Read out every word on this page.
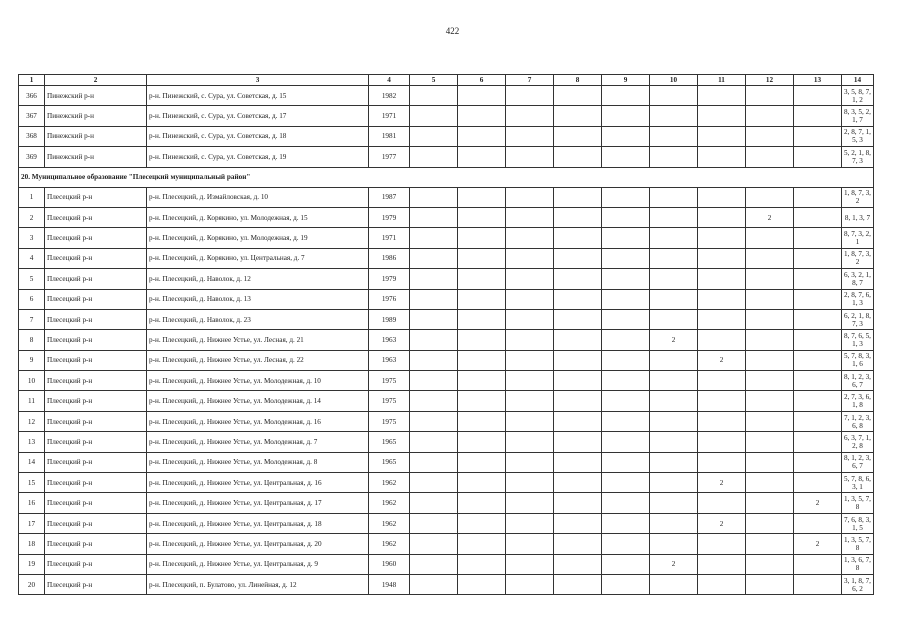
422
1	2	3	4	5	6	7	8	9	10	11	12	13	14
366	Пинежский р-н	р-н. Пинежский, с. Сура, ул. Советская, д. 15	1982										3, 5, 8, 7, 1, 2
367	Пинежский р-н	р-н. Пинежский, с. Сура, ул. Советская, д. 17	1971										8, 3, 5, 2, 1, 7
368	Пинежский р-н	р-н. Пинежский, с. Сура, ул. Советская, д. 18	1981										2, 8, 7, 1, 5, 3
369	Пинежский р-н	р-н. Пинежский, с. Сура, ул. Советская, д. 19	1977										5, 2, 1, 8, 7, 3
20. Муниципальное образование "Плесецкий муниципальный район"													
1	Плесецкий р-н	р-н. Плесецкий, д. Измайловская, д. 10	1987										1, 8, 7, 3, 2
2	Плесецкий р-н	р-н. Плесецкий, д. Корякино, ул. Молодежная, д. 15	1979								2		8, 1, 3, 7
3	Плесецкий р-н	р-н. Плесецкий, д. Корякино, ул. Молодежная, д. 19	1971										8, 7, 3, 2, 1
4	Плесецкий р-н	р-н. Плесецкий, д. Корякино, ул. Центральная, д. 7	1986										1, 8, 7, 3, 2
5	Плесецкий р-н	р-н. Плесецкий, д. Наволок, д. 12	1979										6, 3, 2, 1, 8, 7
6	Плесецкий р-н	р-н. Плесецкий, д. Наволок, д. 13	1976										2, 8, 7, 6, 1, 3
7	Плесецкий р-н	р-н. Плесецкий, д. Наволок, д. 23	1989										6, 2, 1, 8, 7, 3
8	Плесецкий р-н	р-н. Плесецкий, д. Нижнее Устье, ул. Лесная, д. 21	1963						2				8, 7, 6, 5, 1, 3
9	Плесецкий р-н	р-н. Плесецкий, д. Нижнее Устье, ул. Лесная, д. 22	1963							2			5, 7, 8, 3, 1, 6
10	Плесецкий р-н	р-н. Плесецкий, д. Нижнее Устье, ул. Молодежная, д. 10	1975										8, 1, 2, 3, 6, 7
11	Плесецкий р-н	р-н. Плесецкий, д. Нижнее Устье, ул. Молодежная, д. 14	1975										2, 7, 3, 6, 1, 8
12	Плесецкий р-н	р-н. Плесецкий, д. Нижнее Устье, ул. Молодежная, д. 16	1975										7, 1, 2, 3, 6, 8
13	Плесецкий р-н	р-н. Плесецкий, д. Нижнее Устье, ул. Молодежная, д. 7	1965										6, 3, 7, 1, 2, 8
14	Плесецкий р-н	р-н. Плесецкий, д. Нижнее Устье, ул. Молодежная, д. 8	1965										8, 1, 2, 3, 6, 7
15	Плесецкий р-н	р-н. Плесецкий, д. Нижнее Устье, ул. Центральная, д. 16	1962							2			5, 7, 8, 6, 3, 1
16	Плесецкий р-н	р-н. Плесецкий, д. Нижнее Устье, ул. Центральная, д. 17	1962									2	1, 3, 5, 7, 8
17	Плесецкий р-н	р-н. Плесецкий, д. Нижнее Устье, ул. Центральная, д. 18	1962							2			7, 6, 8, 3, 1, 5
18	Плесецкий р-н	р-н. Плесецкий, д. Нижнее Устье, ул. Центральная, д. 20	1962									2	1, 3, 5, 7, 8
19	Плесецкий р-н	р-н. Плесецкий, д. Нижнее Устье, ул. Центральная, д. 9	1960						2				1, 3, 6, 7, 8
20	Плесецкий р-н	р-н. Плесецкий, п. Булатово, ул. Линейная, д. 12	1948										3, 1, 8, 7, 6, 2
